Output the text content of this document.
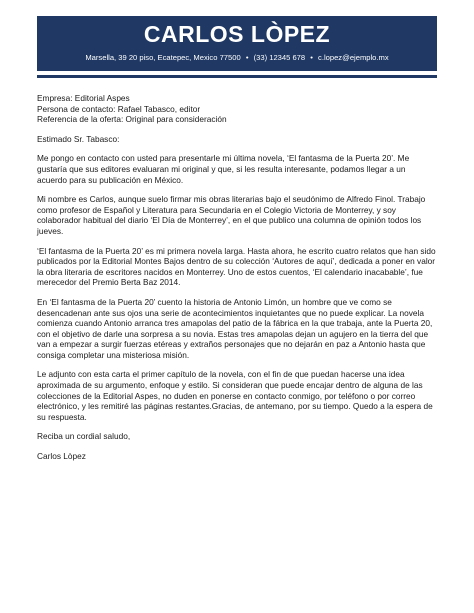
CARLOS LÒPEZ
Marsella, 39 20 piso, Ecatepec, Mexico 77500 • (33) 12345 678 • c.lopez@ejemplo.mx

Empresa: Editorial Aspes
Persona de contacto: Rafael Tabasco, editor
Referencia de la oferta: Original para consideración

Estimado Sr. Tabasco:

Me pongo en contacto con usted para presentarle mi última novela, ‘El fantasma de la Puerta 20’. Me gustaría que sus editores evaluaran mi original y que, si les resulta interesante, podamos llegar a un acuerdo para su publicación en México.

Mi nombre es Carlos, aunque suelo firmar mis obras literarias bajo el seudónimo de Alfredo Finol. Trabajo como profesor de Español y Literatura para Secundaria en el Colegio Victoria de Monterrey, y soy colaborador habitual del diario ‘El Día de Monterrey’, en el que publico una columna de opinión todos los jueves.

‘El fantasma de la Puerta 20’ es mi primera novela larga. Hasta ahora, he escrito cuatro relatos que han sido publicados por la Editorial Montes Bajos dentro de su colección ‘Autores de aquí’, dedicada a poner en valor la obra literaria de escritores nacidos en Monterrey. Uno de estos cuentos, ‘El calendario inacabable’, fue merecedor del Premio Berta Baz 2014.

En ‘El fantasma de la Puerta 20’ cuento la historia de Antonio Limón, un hombre que ve como se desencadenan ante sus ojos una serie de acontecimientos inquietantes que no puede explicar. La novela comienza cuando Antonio arranca tres amapolas del patio de la fábrica en la que trabaja, ante la Puerta 20, con el objetivo de darle una sorpresa a su novia. Estas tres amapolas dejan un agujero en la tierra del que van a empezar a surgir fuerzas etéreas y extraños personajes que no dejarán en paz a Antonio hasta que consiga completar una misteriosa misión.

Le adjunto con esta carta el primer capítulo de la novela, con el fin de que puedan hacerse una idea aproximada de su argumento, enfoque y estilo. Si consideran que puede encajar dentro de alguna de las colecciones de la Editorial Aspes, no duden en ponerse en contacto conmigo, por teléfono o por correo electrónico, y les remitiré las páginas restantes.Gracias, de antemano, por su tiempo. Quedo a la espera de su respuesta.

Reciba un cordial saludo,

Carlos Lòpez
